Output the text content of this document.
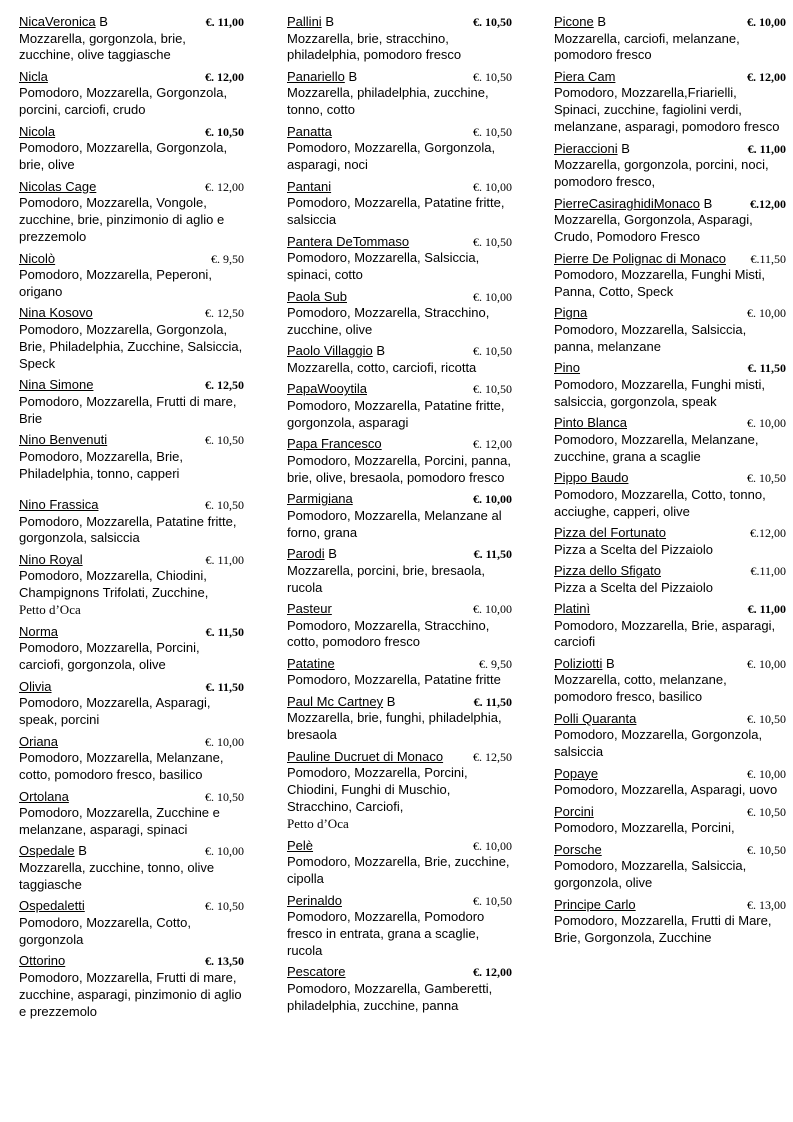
NicaVeronica B	€. 11,00
Mozzarella, gorgonzola, brie, zucchine, olive taggiasche
Nicla	€. 12,00
Pomodoro, Mozzarella, Gorgonzola, porcini, carciofi, crudo
Nicola	€. 10,50
Pomodoro, Mozzarella, Gorgonzola, brie, olive
Nicolas Cage	€. 12,00
Pomodoro, Mozzarella, Vongole, zucchine, brie, pinzimonio di aglio e prezzemolo
Nicolò	€. 9,50
Pomodoro, Mozzarella, Peperoni, origano
Nina Kosovo	€. 12,50
Pomodoro, Mozzarella, Gorgonzola, Brie, Philadelphia, Zucchine, Salsiccia, Speck
Nina Simone	€. 12,50
Pomodoro, Mozzarella, Frutti di mare, Brie
Nino Benvenuti	€. 10,50
Pomodoro, Mozzarella, Brie, Philadelphia, tonno, capperi
Nino Frassica	€. 10,50
Pomodoro, Mozzarella, Patatine fritte, gorgonzola, salsiccia
Nino Royal	€. 11,00
Pomodoro, Mozzarella, Chiodini, Champignons Trifolati, Zucchine,
Petto d’Oca
Norma	€. 11,50
Pomodoro, Mozzarella, Porcini, carciofi, gorgonzola, olive
Olivia	€. 11,50
Pomodoro, Mozzarella, Asparagi, speak, porcini
Oriana	€. 10,00
Pomodoro, Mozzarella, Melanzane, cotto, pomodoro fresco, basilico
Ortolana	€. 10,50
Pomodoro, Mozzarella, Zucchine e melanzane, asparagi, spinaci
Ospedale B	€. 10,00
Mozzarella, zucchine, tonno, olive taggiasche
Ospedaletti	€. 10,50
Pomodoro, Mozzarella, Cotto, gorgonzola
Ottorino	€. 13,50
Pomodoro, Mozzarella, Frutti di mare, zucchine, asparagi, pinzimonio di aglio e prezzemolo
Pallini B	€. 10,50
Mozzarella, brie, stracchino, philadelphia, pomodoro fresco
Panariello B	€. 10,50
Mozzarella, philadelphia, zucchine, tonno, cotto
Panatta	€. 10,50
Pomodoro, Mozzarella, Gorgonzola, asparagi, noci
Pantani	€. 10,00
Pomodoro, Mozzarella, Patatine fritte, salsiccia
Pantera DeTommaso	€. 10,50
Pomodoro, Mozzarella, Salsiccia, spinaci, cotto
Paola Sub	€. 10,00
Pomodoro, Mozzarella, Stracchino, zucchine, olive
Paolo Villaggio B	€. 10,50
Mozzarella, cotto, carciofi, ricotta
PapaWooytila	€. 10,50
Pomodoro, Mozzarella, Patatine fritte, gorgonzola, asparagi
Papa Francesco	€. 12,00
Pomodoro, Mozzarella, Porcini, panna, brie, olive, bresaola, pomodoro fresco
Parmigiana	€. 10,00
Pomodoro, Mozzarella, Melanzane al forno, grana
Parodi B	€. 11,50
Mozzarella, porcini, brie, bresaola, rucola
Pasteur	€. 10,00
Pomodoro, Mozzarella, Stracchino, cotto, pomodoro fresco
Patatine	€. 9,50
Pomodoro, Mozzarella, Patatine fritte
Paul Mc Cartney B	€. 11,50
Mozzarella, brie, funghi, philadelphia, bresaola
Pauline Ducruet di Monaco €. 12,50
Pomodoro, Mozzarella, Porcini, Chiodini, Funghi di Muschio, Stracchino, Carciofi,
Petto d’Oca
Pelè	€. 10,00
Pomodoro, Mozzarella, Brie, zucchine, cipolla
Perinaldo	€. 10,50
Pomodoro, Mozzarella, Pomodoro fresco in entrata, grana a scaglie, rucola
Pescatore	€. 12,00
Pomodoro, Mozzarella, Gamberetti, philadelphia, zucchine, panna
Picone B	€. 10,00
Mozzarella, carciofi, melanzane, pomodoro fresco
Piera Cam	€. 12,00
Pomodoro, Mozzarella,Friarielli, Spinaci, zucchine, fagiolini verdi, melanzane, asparagi, pomodoro fresco
Pieraccioni B	€. 11,00
Mozzarella, gorgonzola, porcini, noci, pomodoro fresco,
PierreCasiraghidiMonaco B	€.12,00
Mozzarella, Gorgonzola, Asparagi, Crudo, Pomodoro Fresco
Pierre De Polignac di Monaco €.11,50
Pomodoro, Mozzarella, Funghi Misti, Panna, Cotto, Speck
Pigna	€. 10,00
Pomodoro, Mozzarella, Salsiccia, panna, melanzane
Pino	€. 11,50
Pomodoro, Mozzarella, Funghi misti, salsiccia, gorgonzola, speak
Pinto Blanca	€. 10,00
Pomodoro, Mozzarella, Melanzane, zucchine, grana a scaglie
Pippo Baudo	€. 10,50
Pomodoro, Mozzarella, Cotto, tonno, acciughe, capperi, olive
Pizza del Fortunato	€.12,00
Pizza a Scelta del Pizzaiolo
Pizza dello Sfigato	€.11,00
Pizza a Scelta del Pizzaiolo
Platinì	€. 11,00
Pomodoro, Mozzarella, Brie, asparagi, carciofi
Poliziotti B	€. 10,00
Mozzarella, cotto, melanzane, pomodoro fresco, basilico
Polli Quaranta	€. 10,50
Pomodoro, Mozzarella, Gorgonzola, salsiccia
Popaye	€. 10,00
Pomodoro, Mozzarella, Asparagi, uovo
Porcini	€. 10,50
Pomodoro, Mozzarella, Porcini,
Porsche	€. 10,50
Pomodoro, Mozzarella, Salsiccia, gorgonzola, olive
Principe Carlo	€. 13,00
Pomodoro, Mozzarella, Frutti di Mare, Brie, Gorgonzola, Zucchine
